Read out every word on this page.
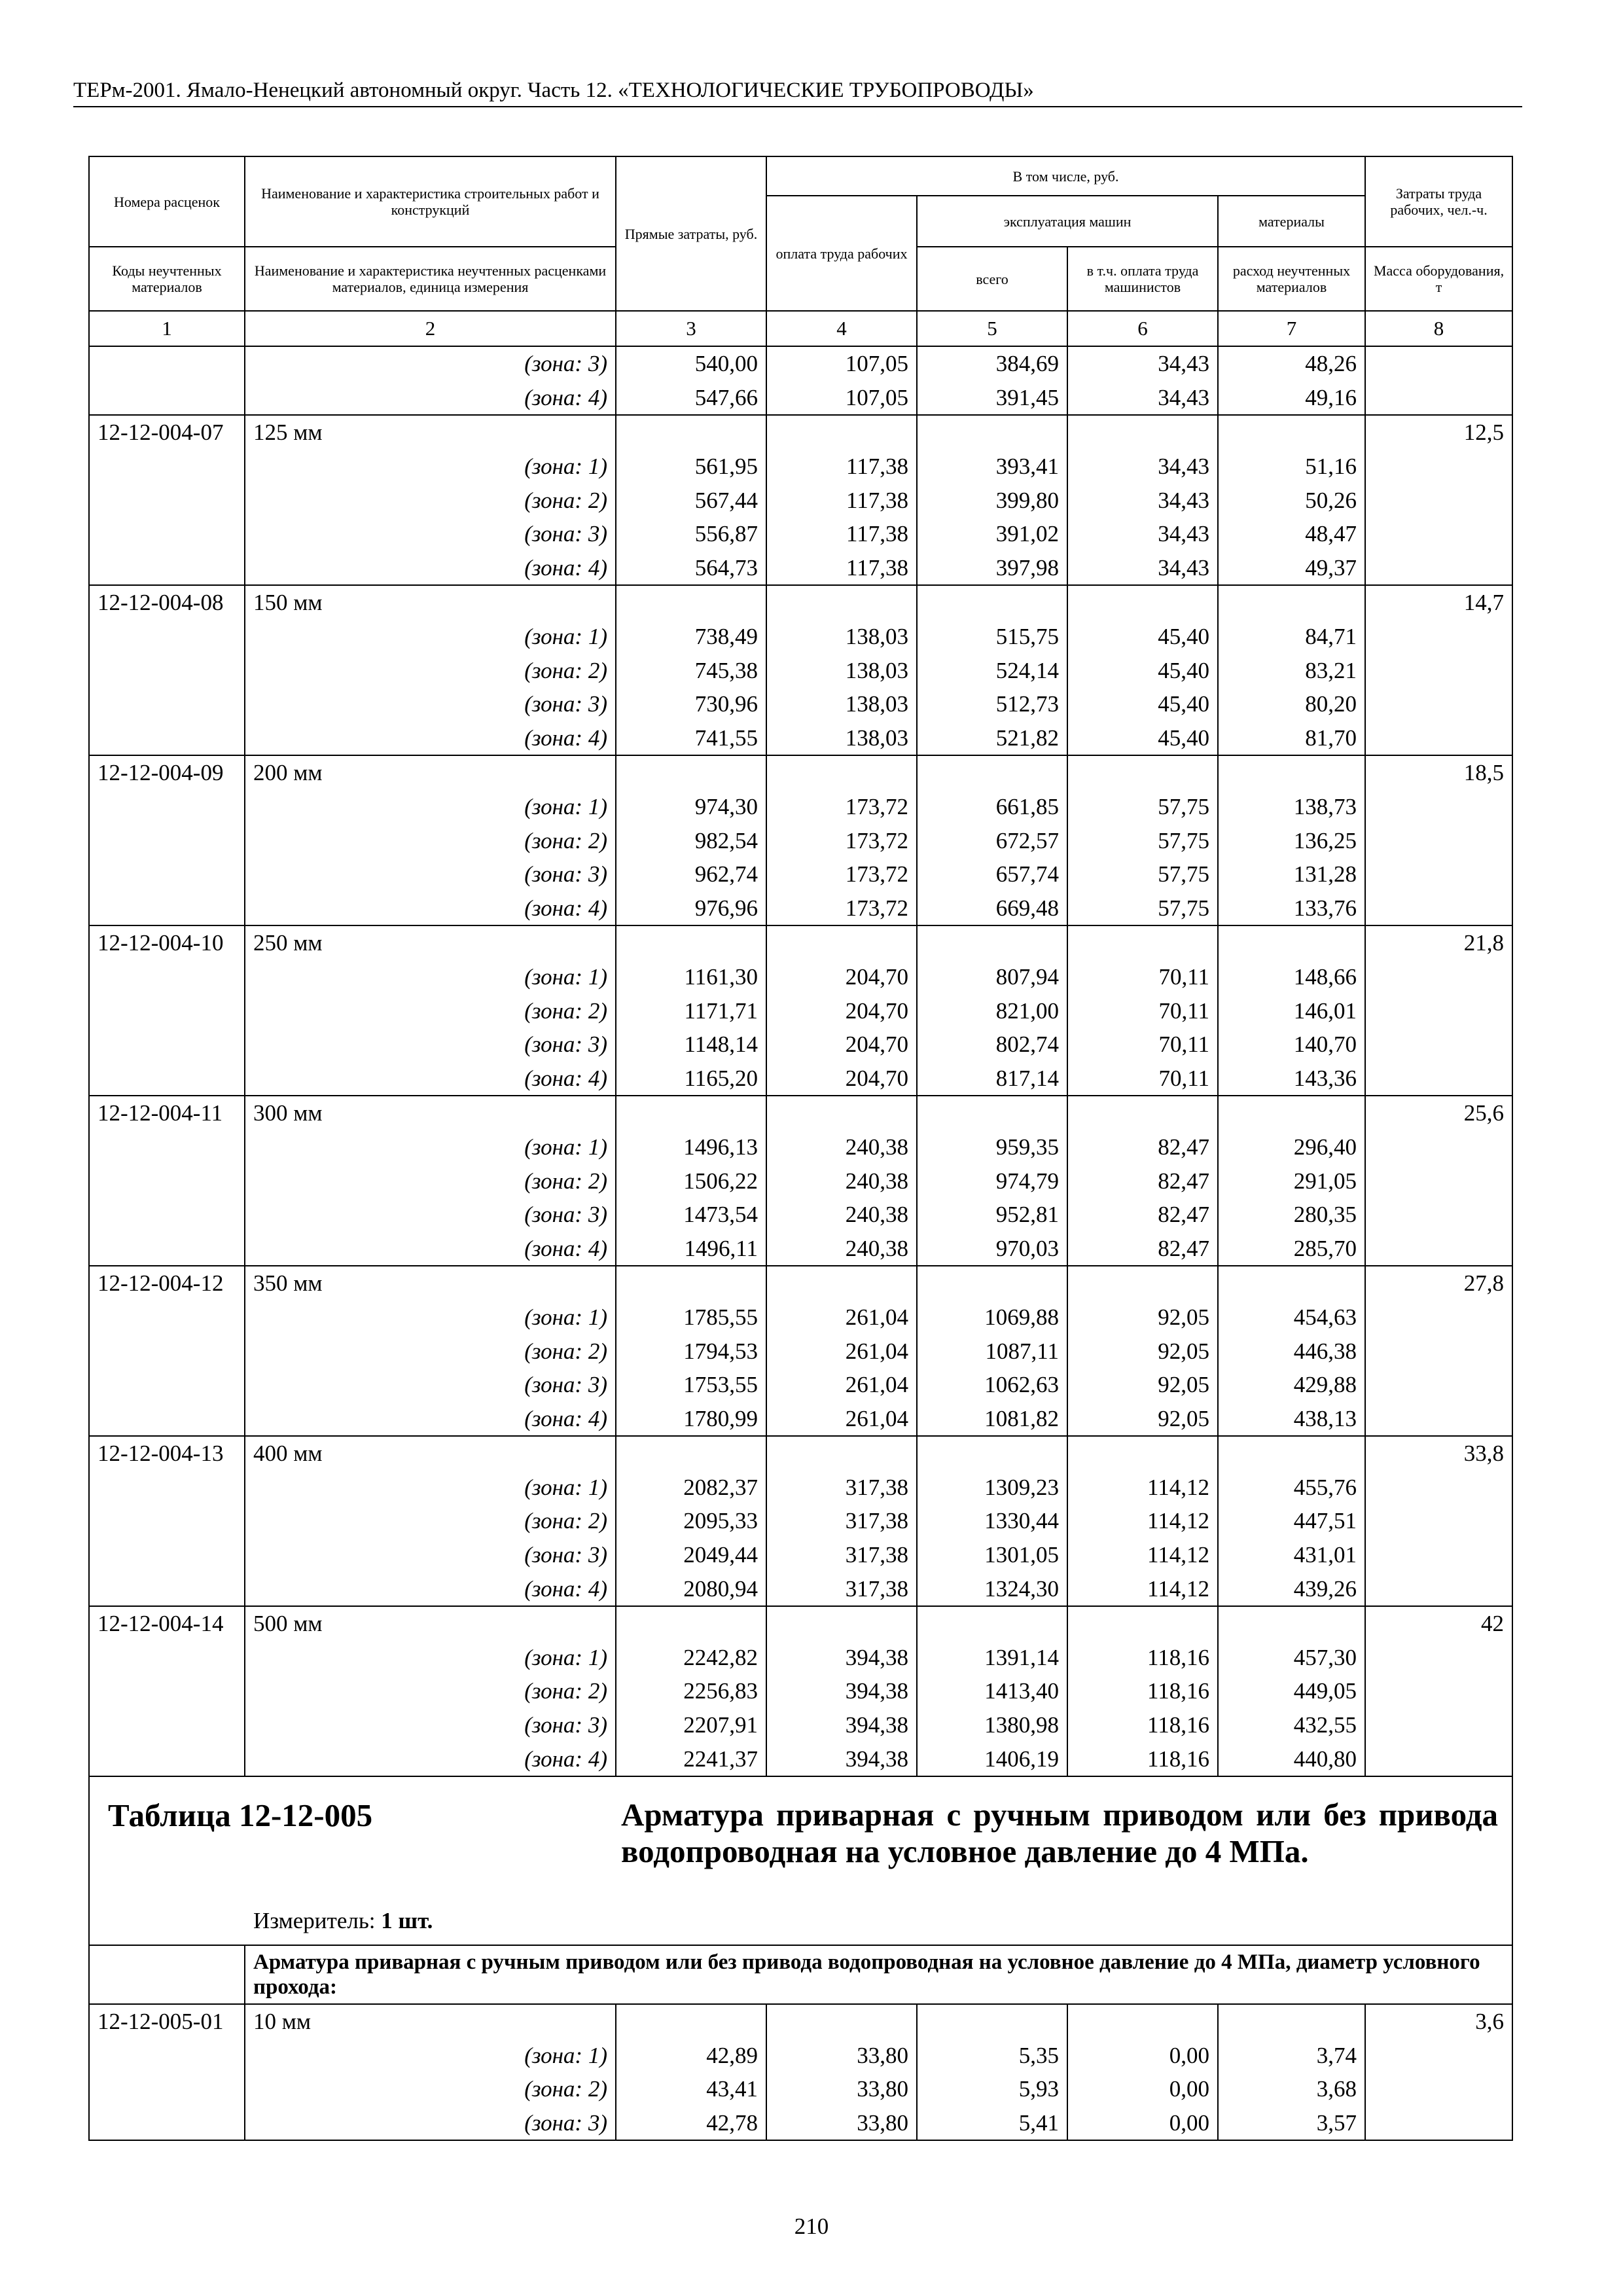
ТЕРм-2001. Ямало-Ненецкий автономный округ. Часть 12. «ТЕХНОЛОГИЧЕСКИЕ ТРУБОПРОВОДЫ»
Номера расценок	Наименование и характеристика строительных работ и конструкций	Прямые затраты, руб.	В том числе, руб.				Затраты труда рабочих, чел.-ч.
			оплата труда рабочих	эксплуатация машин		материалы	
Коды неучтенных материалов	Наименование и характеристика неучтенных расценками материалов, единица измерения			всего	в т.ч. оплата труда машинистов	расход неучтенных материалов	Масса оборудования, т
1	2	3	4	5	6	7	8
	(зона: 3)	540,00	107,05	384,69	34,43	48,26	
	(зона: 4)	547,66	107,05	391,45	34,43	49,16	
12-12-004-07	125 мм						12,5
	(зона: 1)	561,95	117,38	393,41	34,43	51,16	
	(зона: 2)	567,44	117,38	399,80	34,43	50,26	
	(зона: 3)	556,87	117,38	391,02	34,43	48,47	
	(зона: 4)	564,73	117,38	397,98	34,43	49,37	
12-12-004-08	150 мм						14,7
	(зона: 1)	738,49	138,03	515,75	45,40	84,71	
	(зона: 2)	745,38	138,03	524,14	45,40	83,21	
	(зона: 3)	730,96	138,03	512,73	45,40	80,20	
	(зона: 4)	741,55	138,03	521,82	45,40	81,70	
12-12-004-09	200 мм						18,5
	(зона: 1)	974,30	173,72	661,85	57,75	138,73	
	(зона: 2)	982,54	173,72	672,57	57,75	136,25	
	(зона: 3)	962,74	173,72	657,74	57,75	131,28	
	(зона: 4)	976,96	173,72	669,48	57,75	133,76	
12-12-004-10	250 мм						21,8
	(зона: 1)	1161,30	204,70	807,94	70,11	148,66	
	(зона: 2)	1171,71	204,70	821,00	70,11	146,01	
	(зона: 3)	1148,14	204,70	802,74	70,11	140,70	
	(зона: 4)	1165,20	204,70	817,14	70,11	143,36	
12-12-004-11	300 мм						25,6
	(зона: 1)	1496,13	240,38	959,35	82,47	296,40	
	(зона: 2)	1506,22	240,38	974,79	82,47	291,05	
	(зона: 3)	1473,54	240,38	952,81	82,47	280,35	
	(зона: 4)	1496,11	240,38	970,03	82,47	285,70	
12-12-004-12	350 мм						27,8
	(зона: 1)	1785,55	261,04	1069,88	92,05	454,63	
	(зона: 2)	1794,53	261,04	1087,11	92,05	446,38	
	(зона: 3)	1753,55	261,04	1062,63	92,05	429,88	
	(зона: 4)	1780,99	261,04	1081,82	92,05	438,13	
12-12-004-13	400 мм						33,8
	(зона: 1)	2082,37	317,38	1309,23	114,12	455,76	
	(зона: 2)	2095,33	317,38	1330,44	114,12	447,51	
	(зона: 3)	2049,44	317,38	1301,05	114,12	431,01	
	(зона: 4)	2080,94	317,38	1324,30	114,12	439,26	
12-12-004-14	500 мм						42
	(зона: 1)	2242,82	394,38	1391,14	118,16	457,30	
	(зона: 2)	2256,83	394,38	1413,40	118,16	449,05	
	(зона: 3)	2207,91	394,38	1380,98	118,16	432,55	
	(зона: 4)	2241,37	394,38	1406,19	118,16	440,80	

Таблица 12-12-005 Арматура приварная с ручным приводом или без привода водопроводная на условное давление до 4 МПа.
Измеритель: 1 шт.							

	Арматура приварная с ручным приводом или без привода водопроводная на условное давление до 4 МПа, диаметр условного прохода:						
12-12-005-01	10 мм						3,6
	(зона: 1)	42,89	33,80	5,35	0,00	3,74	
	(зона: 2)	43,41	33,80	5,93	0,00	3,68	
	(зона: 3)	42,78	33,80	5,41	0,00	3,57	
210
